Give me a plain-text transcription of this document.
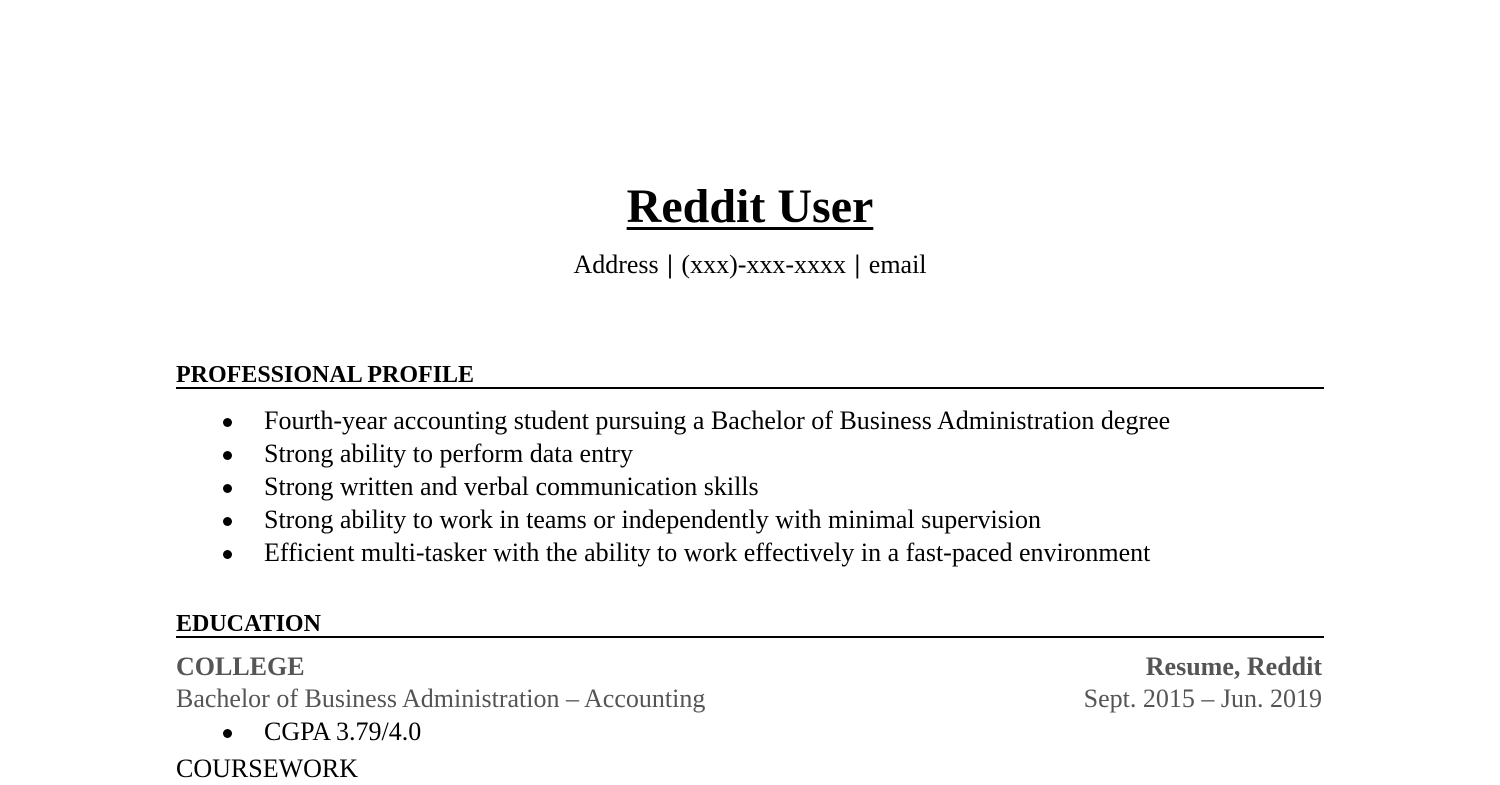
Reddit User
Address | (xxx)-xxx-xxxx | email
PROFESSIONAL PROFILE
Fourth-year accounting student pursuing a Bachelor of Business Administration degree
Strong ability to perform data entry
Strong written and verbal communication skills
Strong ability to work in teams or independently with minimal supervision
Efficient multi-tasker with the ability to work effectively in a fast-paced environment
EDUCATION
COLLEGE	Resume, Reddit
Bachelor of Business Administration – Accounting	Sept. 2015 – Jun. 2019
CGPA 3.79/4.0
COURSEWORK
